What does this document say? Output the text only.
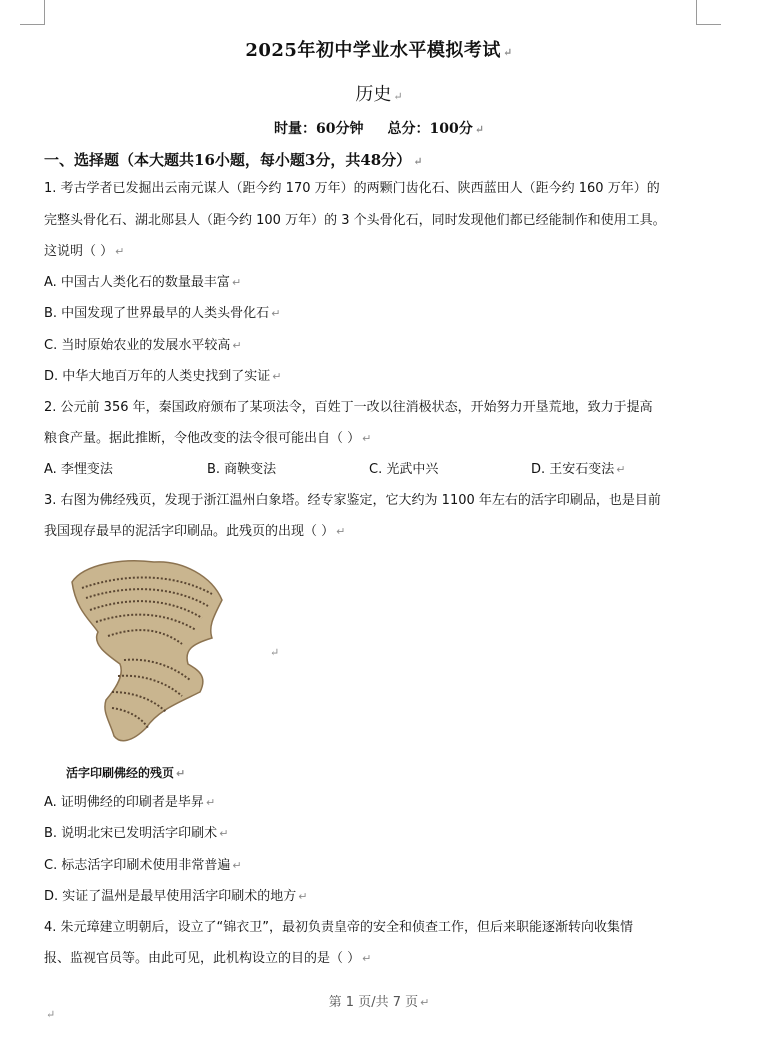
2025年初中学业水平模拟考试 ↵
历史 ↵
时量：60分钟 总分：100分 ↵
一、选择题（本大题共16小题，每小题3分，共48分） ↵
1. 考古学者已发掘出云南元谋人（距今约 170 万年）的两颗门齿化石、陕西蓝田人（距今约 160 万年）的
完整头骨化石、湖北郧县人（距今约 100 万年）的 3 个头骨化石，同时发现他们都已经能制作和使用工具。
这说明（ ） ↵
A. 中国古人类化石的数量最丰富 ↵
B. 中国发现了世界最早的人类头骨化石 ↵
C. 当时原始农业的发展水平较高 ↵
D. 中华大地百万年的人类史找到了实证 ↵
2. 公元前 356 年，秦国政府颁布了某项法令，百姓丁一改以往消极状态，开始努力开垦荒地，致力于提高
粮食产量。据此推断，令他改变的法令很可能出自（ ） ↵
A. 李悝变法	B. 商鞅变法	C. 光武中兴	D. 王安石变法 ↵
3. 右图为佛经残页，发现于浙江温州白象塔。经专家鉴定，它大约为 1100 年左右的活字印刷品，也是目前
我国现存最早的泥活字印刷品。此残页的出现（ ） ↵
↵
活字印刷佛经的残页 ↵
A. 证明佛经的印刷者是毕昇 ↵
B. 说明北宋已发明活字印刷术 ↵
C. 标志活字印刷术使用非常普遍 ↵
D. 实证了温州是最早使用活字印刷术的地方 ↵
4. 朱元璋建立明朝后，设立了“锦衣卫”，最初负责皇帝的安全和侦查工作，但后来职能逐渐转向收集情
报、监视官员等。由此可见，此机构设立的目的是（ ） ↵
第 1 页/共 7 页 ↵
↵
